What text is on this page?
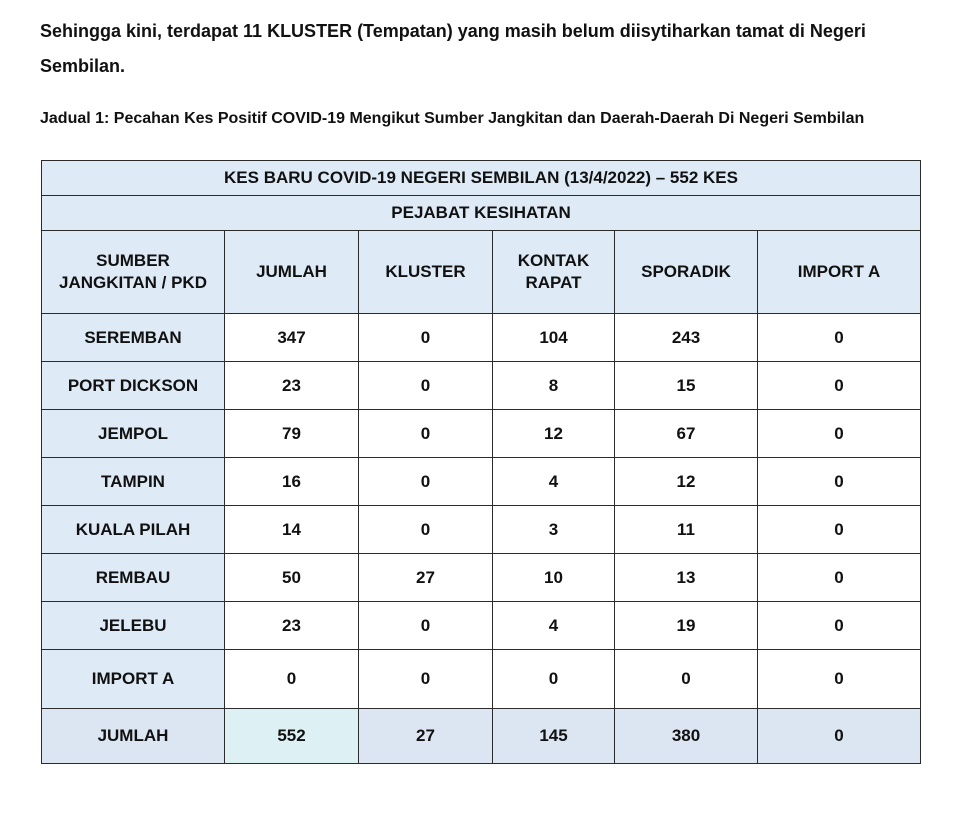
Sehingga kini, terdapat 11 KLUSTER (Tempatan) yang masih belum diisytiharkan tamat di Negeri Sembilan.

Jadual 1: Pecahan Kes Positif COVID-19 Mengikut Sumber Jangkitan dan Daerah-Daerah Di Negeri Sembilan

KES BARU COVID-19 NEGERI SEMBILAN (13/4/2022) – 552 KES					
PEJABAT KESIHATAN					
SUMBER JANGKITAN / PKD	JUMLAH	KLUSTER	KONTAK RAPAT	SPORADIK	IMPORT A
SEREMBAN	347	0	104	243	0
PORT DICKSON	23	0	8	15	0
JEMPOL	79	0	12	67	0
TAMPIN	16	0	4	12	0
KUALA PILAH	14	0	3	11	0
REMBAU	50	27	10	13	0
JELEBU	23	0	4	19	0
IMPORT A	0	0	0	0	0
JUMLAH	552	27	145	380	0
